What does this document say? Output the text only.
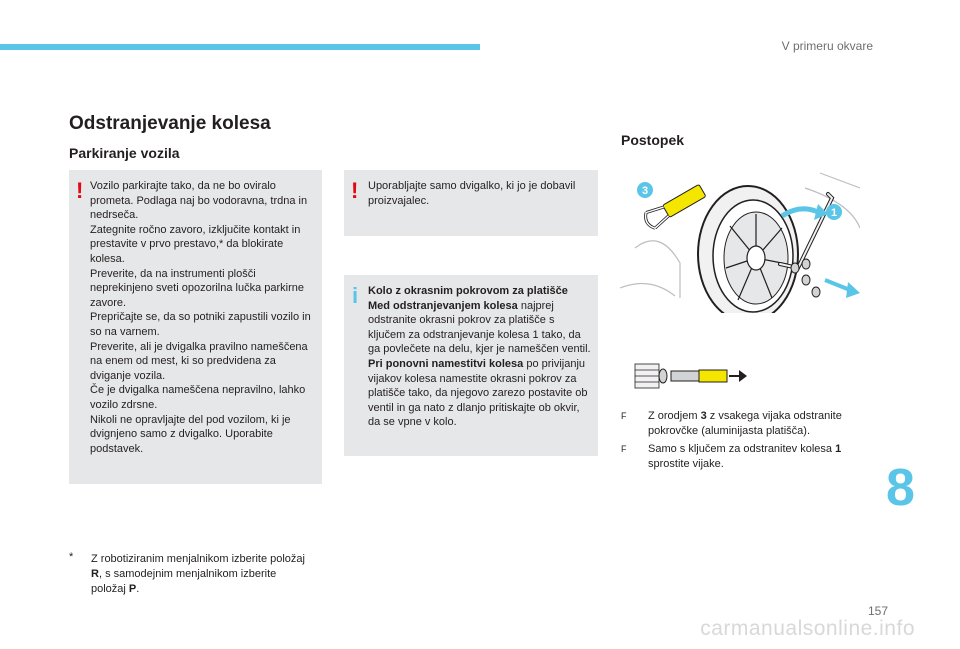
V primeru okvare
Odstranjevanje kolesa
Parkiranje vozila
! Vozilo parkirajte tako, da ne bo oviralo prometa. Podlaga naj bo vodoravna, trdna in nedrseča.
Zategnite ročno zavoro, izključite kontakt in prestavite v prvo prestavo,* da blokirate kolesa.
Preverite, da na instrumenti plošči neprekinjeno sveti opozorilna lučka parkirne zavore.
Prepričajte se, da so potniki zapustili vozilo in so na varnem.
Preverite, ali je dvigalka pravilno nameščena na enem od mest, ki so predvidena za dviganje vozila.
Če je dvigalka nameščena nepravilno, lahko vozilo zdrsne.
Nikoli ne opravljajte del pod vozilom, ki je dvignjeno samo z dvigalko. Uporabite podstavek.

! Uporabljajte samo dvigalko, ki jo je dobavil proizvajalec.

i Kolo z okrasnim pokrovom za platišče
Med odstranjevanjem kolesa najprej odstranite okrasni pokrov za platišče s ključem za odstranjevanje kolesa 1 tako, da ga povlečete na delu, kjer je nameščen ventil.
Pri ponovni namestitvi kolesa po privijanju vijakov kolesa namestite okrasni pokrov za platišče tako, da njegovo zarezo postavite ob ventil in ga nato z dlanjo pritiskajte ob okvir, da se vpne v kolo.

* Z robotiziranim menjalnikom izberite položaj R, s samodejnim menjalnikom izberite položaj P.
Postopek
3
1
F Z orodjem 3 z vsakega vijaka odstranite pokrovčke (aluminijasta platišča).
F Samo s ključem za odstranitev kolesa 1 sprostite vijake.	8
157
carmanualsonline.info
